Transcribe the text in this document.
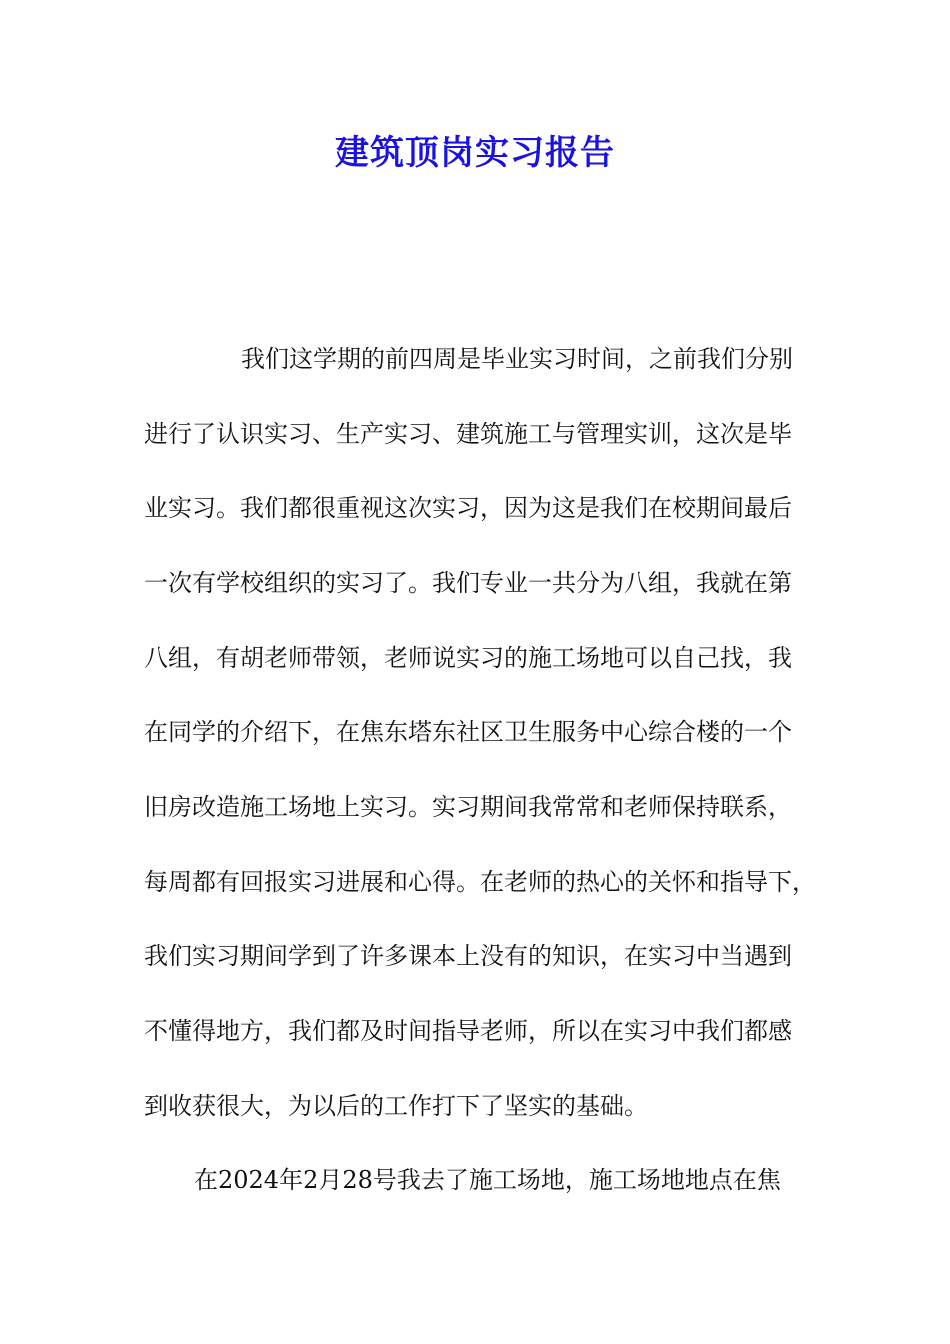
建筑顶岗实习报告
我们这学期的前四周是毕业实习时间，之前我们分别
进行了认识实习、生产实习、建筑施工与管理实训，这次是毕
业实习。我们都很重视这次实习，因为这是我们在校期间最后
一次有学校组织的实习了。我们专业一共分为八组，我就在第
八组，有胡老师带领，老师说实习的施工场地可以自己找，我
在同学的介绍下，在焦东塔东社区卫生服务中心综合楼的一个
旧房改造施工场地上实习。实习期间我常常和老师保持联系，
每周都有回报实习进展和心得。在老师的热心的关怀和指导下，
我们实习期间学到了许多课本上没有的知识，在实习中当遇到
不懂得地方，我们都及时间指导老师，所以在实习中我们都感
到收获很大，为以后的工作打下了坚实的基础。
在2024年2月28号我去了施工场地，施工场地地点在焦
